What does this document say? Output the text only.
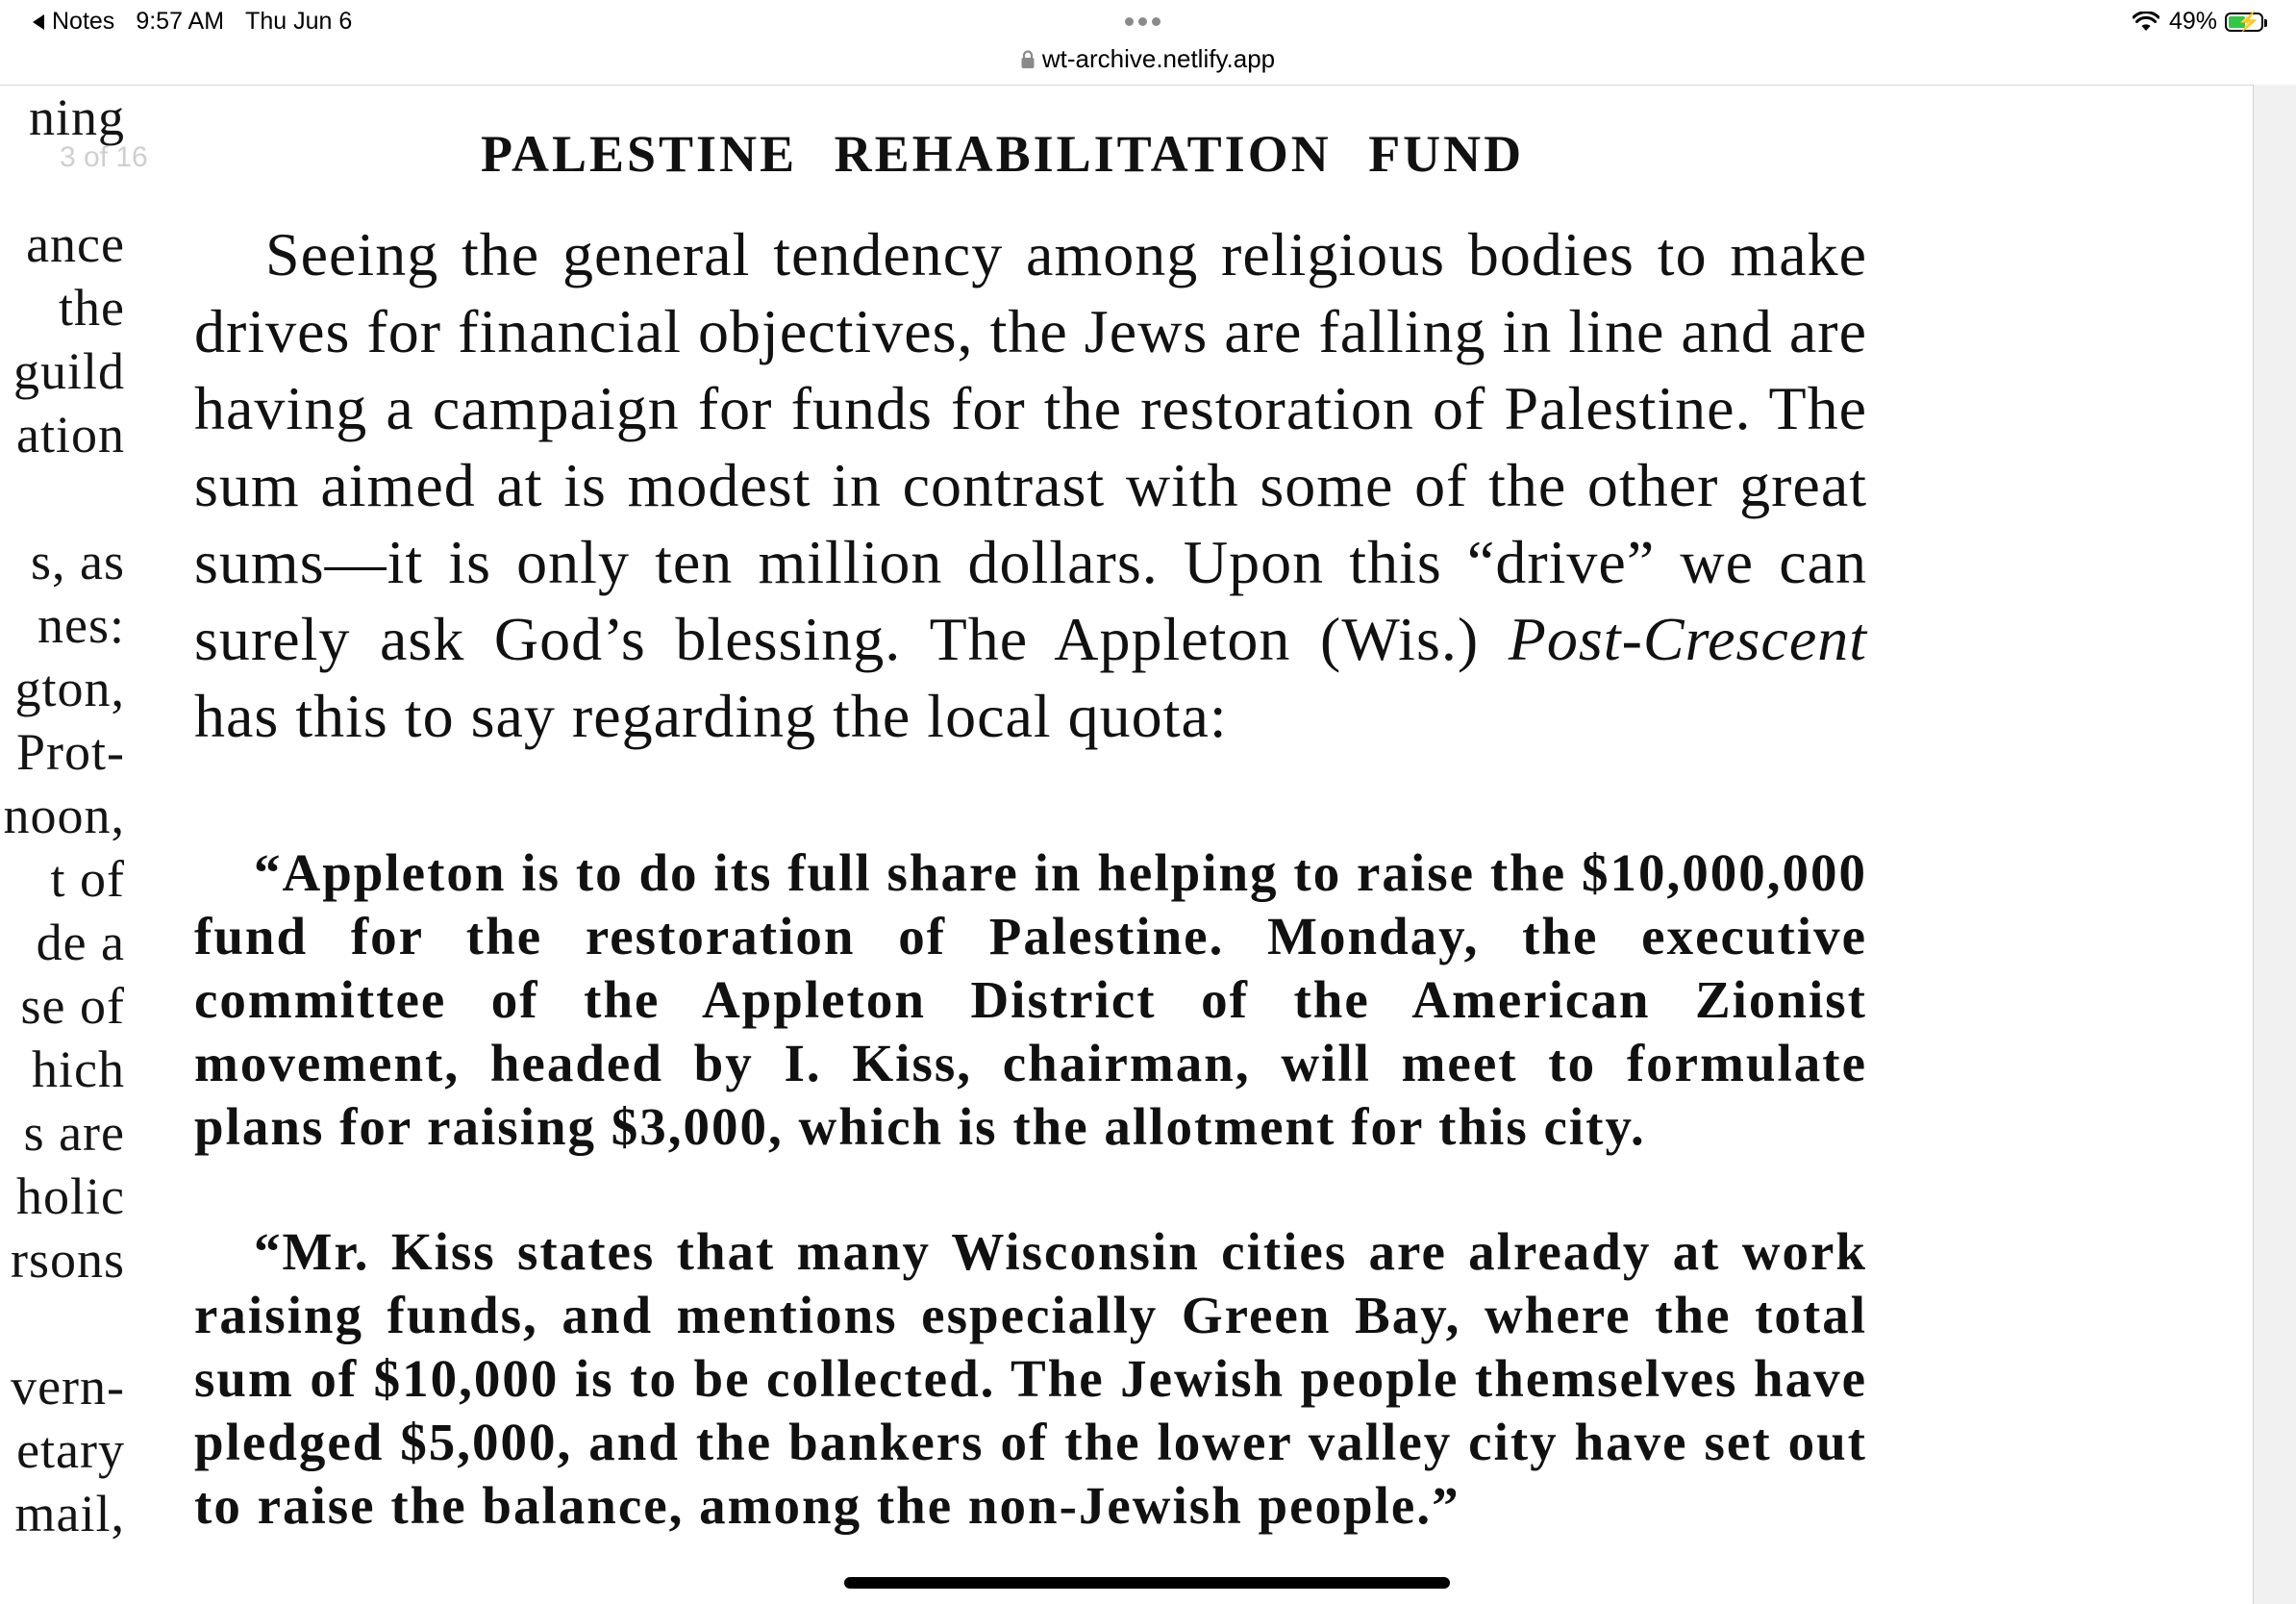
Notes 9:57 AM Thu Jun 6	49% ⚡
wt-archive.netlify.app
ning
ance
the
guild
ation
s, as
nes:
gton,
Prot-
noon,
t of
de a
se of
hich
s are
holic
rsons
vern-
etary
mail,
3 of 16	PALESTINE REHABILITATION FUND

Seeing the general tendency among religious bodies to make drives for financial objectives, the Jews are falling in line and are having a campaign for funds for the restoration of Palestine. The sum aimed at is modest in contrast with some of the other great sums—it is only ten million dollars. Upon this “drive” we can surely ask God’s blessing. The Appleton (Wis.) Post-Crescent has this to say regarding the local quota:

“Appleton is to do its full share in helping to raise the $10,000,000 fund for the restoration of Palestine. Monday, the executive committee of the Appleton District of the American Zionist movement, headed by I. Kiss, chairman, will meet to formulate plans for raising $3,000, which is the allotment for this city.

“Mr. Kiss states that many Wisconsin cities are already at work raising funds, and mentions especially Green Bay, where the total sum of $10,000 is to be collected. The Jewish people themselves have pledged $5,000, and the bankers of the lower valley city have set out to raise the balance, among the non-Jewish people.”
